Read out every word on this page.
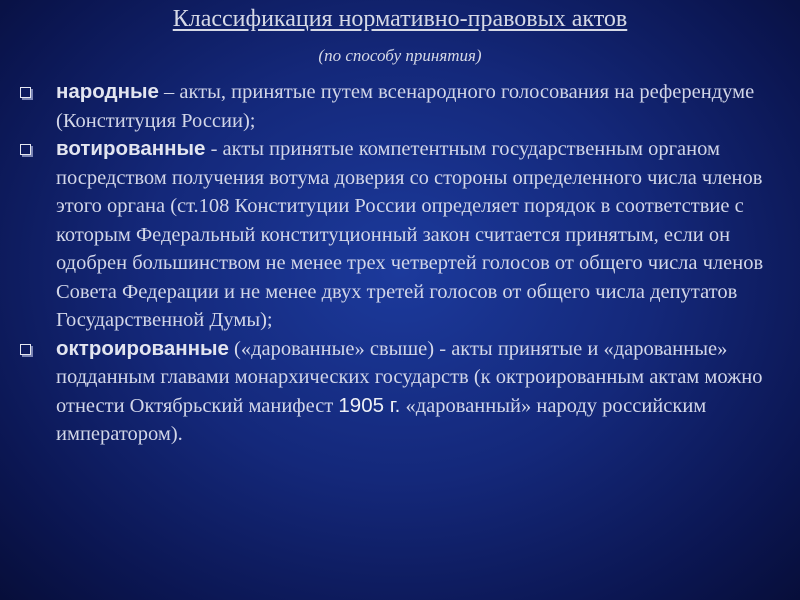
Классификация нормативно-правовых актов
(по способу принятия)
народные – акты, принятые путем всенародного голосования на референдуме (Конституция России);
вотированные - акты принятые компетентным государственным органом посредством получения вотума доверия со стороны определенного числа членов этого органа (ст.108 Конституции России определяет порядок в соответствие с которым Федеральный конституционный закон считается принятым, если он одобрен большинством не менее трех четвертей голосов от общего числа членов Совета Федерации и не менее двух третей голосов от общего числа депутатов Государственной Думы);
октроированные («дарованные» свыше) - акты принятые и «дарованные» подданным главами монархических государств (к октроированным актам можно отнести Октябрьский манифест 1905 г. «дарованный» народу российским императором).
